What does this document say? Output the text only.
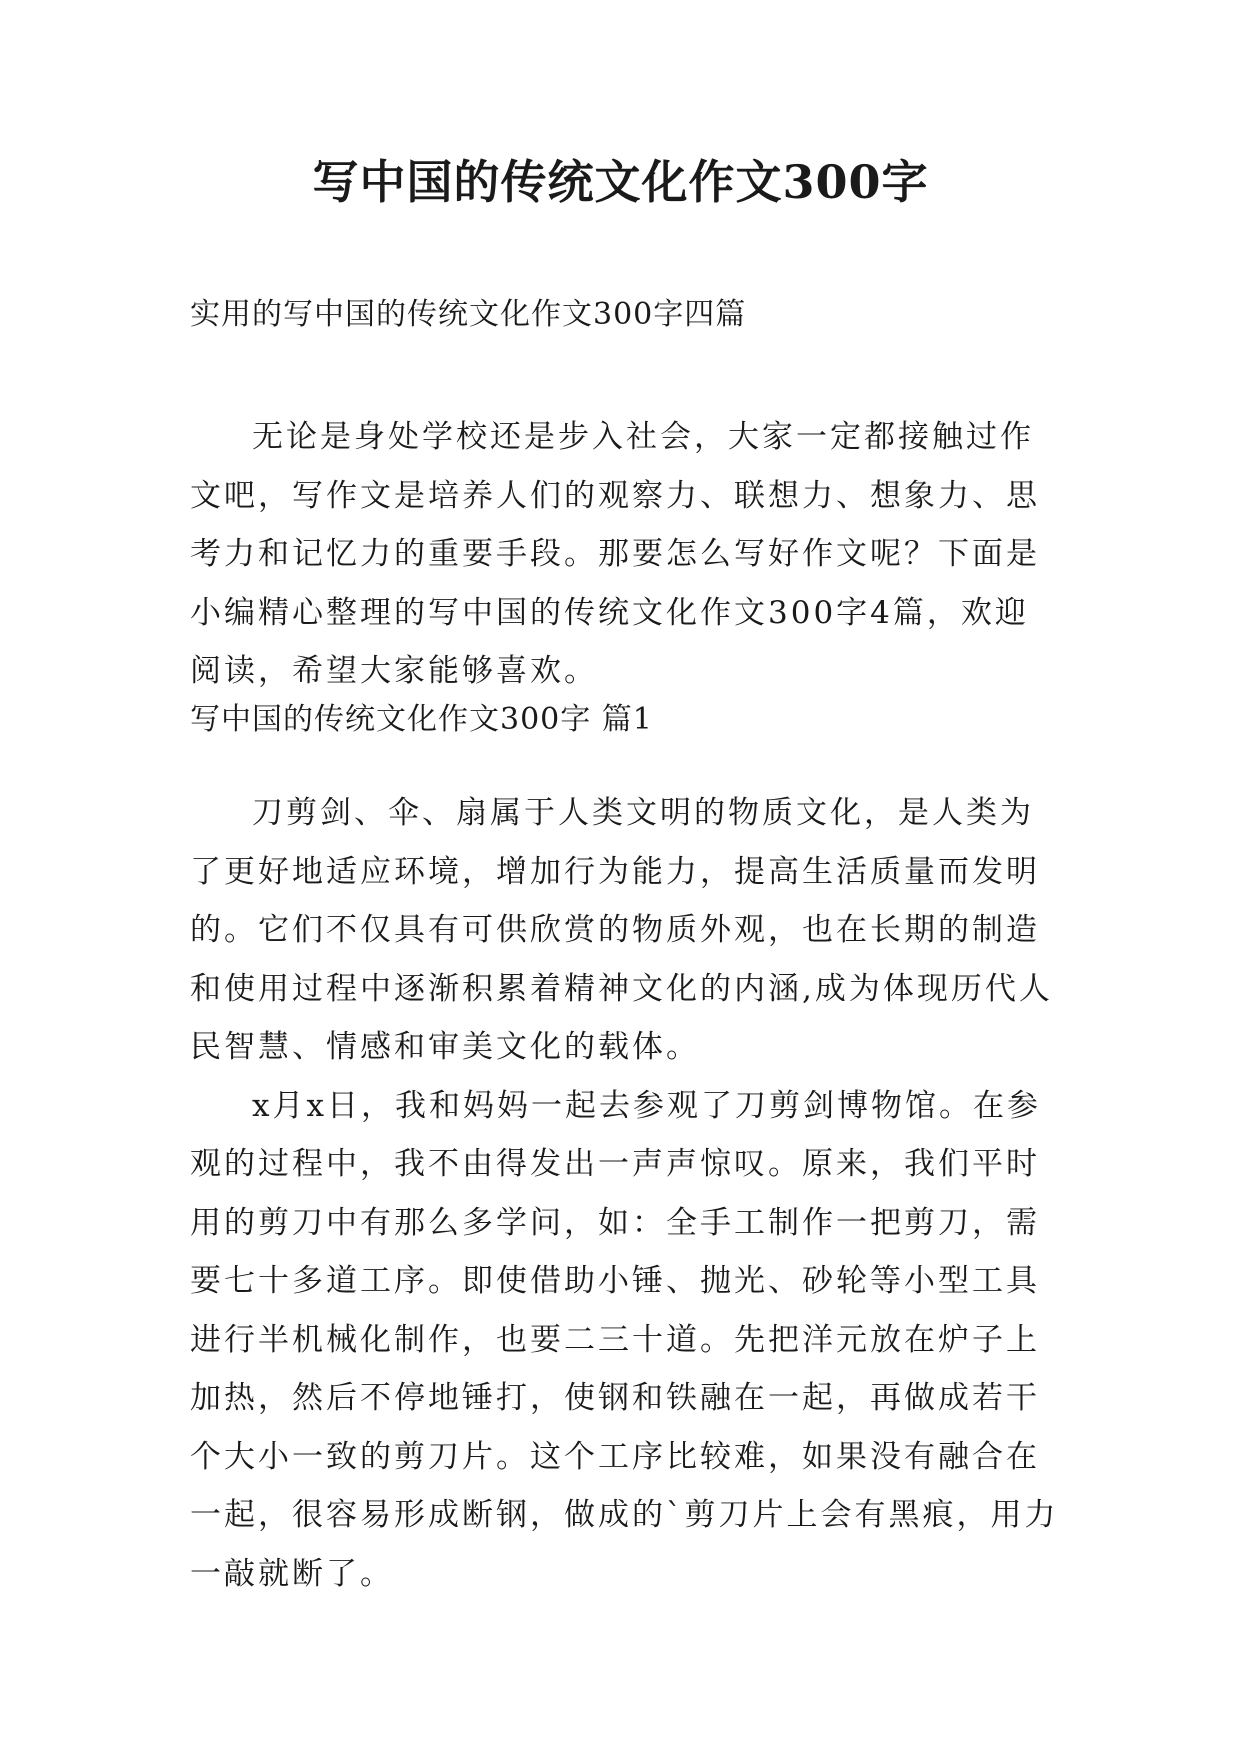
写中国的传统文化作文300字
实用的写中国的传统文化作文300字四篇

无论是身处学校还是步入社会，大家一定都接触过作文吧，写作文是培养人们的观察力、联想力、想象力、思考力和记忆力的重要手段。那要怎么写好作文呢？下面是小编精心整理的写中国的传统文化作文300字4篇，欢迎阅读，希望大家能够喜欢。

写中国的传统文化作文300字 篇1

刀剪剑、伞、扇属于人类文明的物质文化，是人类为了更好地适应环境，增加行为能力，提高生活质量而发明的。它们不仅具有可供欣赏的物质外观，也在长期的制造和使用过程中逐渐积累着精神文化的内涵,成为体现历代人民智慧、情感和审美文化的载体。

x月x日，我和妈妈一起去参观了刀剪剑博物馆。在参观的过程中，我不由得发出一声声惊叹。原来，我们平时用的剪刀中有那么多学问，如：全手工制作一把剪刀，需要七十多道工序。即使借助小锤、抛光、砂轮等小型工具进行半机械化制作，也要二三十道。先把洋元放在炉子上加热，然后不停地锤打，使钢和铁融在一起，再做成若干个大小一致的剪刀片。这个工序比较难，如果没有融合在一起，很容易形成断钢，做成的`剪刀片上会有黑痕，用力一敲就断了。
